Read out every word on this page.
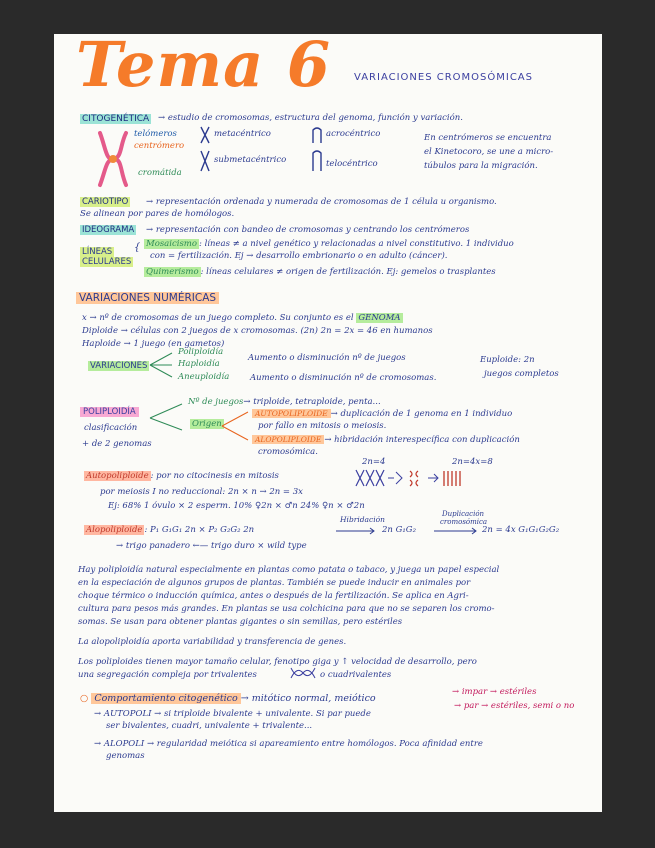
Tema 6 VARIACIONES CROMOSÓMICAS
CITOGENÉTICA → estudio de cromosomas, estructura del genoma, función y variación.
telómeros
centrómero
cromátida
metacéntrico	acrocéntrico
submetacéntrico	telocéntrico
En centrómeros se encuentra
el Kinetocoro, se une a micro-
túbulos para la migración.
CARIOTIPO → representación ordenada y numerada de cromosomas de 1 célula u organismo.
Se alinean por pares de homólogos.
IDEOGRAMA → representación con bandeo de cromosomas y centrando los centrómeros
LÍNEAS
CELULARES
{ Mosaicismo : líneas ≠ a nivel genético y relacionadas a nivel constitutivo. 1 individuo
con = fertilización. Ej → desarrollo embrionario o en adulto (cáncer).
Quimerismo : líneas celulares ≠ origen de fertilización. Ej: gemelos o trasplantes
VARIACIONES NUMÉRICAS
x → nº de cromosomas de un juego completo. Su conjunto es el GENOMA
Diploide → células con 2 juegos de x cromosomas. (2n) 2n = 2x = 46 en humanos
Haploide → 1 juego (en gametos)
VARIACIONES
Poliploidía
Haploidía
Aneuploidía
Aumento o disminución nº de juegos
Aumento o disminución nº de cromosomas.
Euploide: 2n
juegos completos
POLIPLOIDÍA
clasificación
+ de 2 genomas
Nº de juegos→ triploide, tetraploide, penta...
Origen
AUTOPOLIPLOIDE → duplicación de 1 genoma en 1 individuo
por fallo en mitosis o meiosis.
ALOPOLIPLOIDE → hibridación interespecífica con duplicación
cromosómica.
Autopoliploide : por no citocinesis en mitosis
2n=4	2n=4x=8
por meiosis I no reduccional: 2n × n → 2n = 3x
Ej: 68% 1 óvulo × 2 esperm. 10% ♀2n × ♂n 24% ♀n × ♂2n
Alopoliploide : P₁ G₁G₁ 2n × P₂ G₂G₂ 2n
Hibridación
2n G₁G₂
Duplicación
cromosómica
2n = 4x G₁G₁G₂G₂
→ trigo panadero ←— trigo duro × wild type
Hay poliploidía natural especialmente en plantas como patata o tabaco, y juega un papel especial
en la especiación de algunos grupos de plantas. También se puede inducir en animales por
choque térmico o inducción química, antes o después de la fertilización. Se aplica en Agri-
cultura para pesos más grandes. En plantas se usa colchicina para que no se separen los cromo-
somas. Se usan para obtener plantas gigantes o sin semillas, pero estériles
La alopoliploidía aporta variabilidad y transferencia de genes.
Los poliploides tienen mayor tamaño celular, fenotipo giga y ↑ velocidad de desarrollo, pero
una segregación compleja por trivalentes	o cuadrivalentes
○ Comportamiento citogenético → mitótico normal, meiótico
→ impar → estériles
→ par → estériles, semi o no
→ AUTOPOLI → si triploide bivalente + univalente. Si par puede
ser bivalentes, cuadri, univalente + trivalente...
→ ALOPOLI → regularidad meiótica si apareamiento entre homólogos. Poca afinidad entre
genomas
